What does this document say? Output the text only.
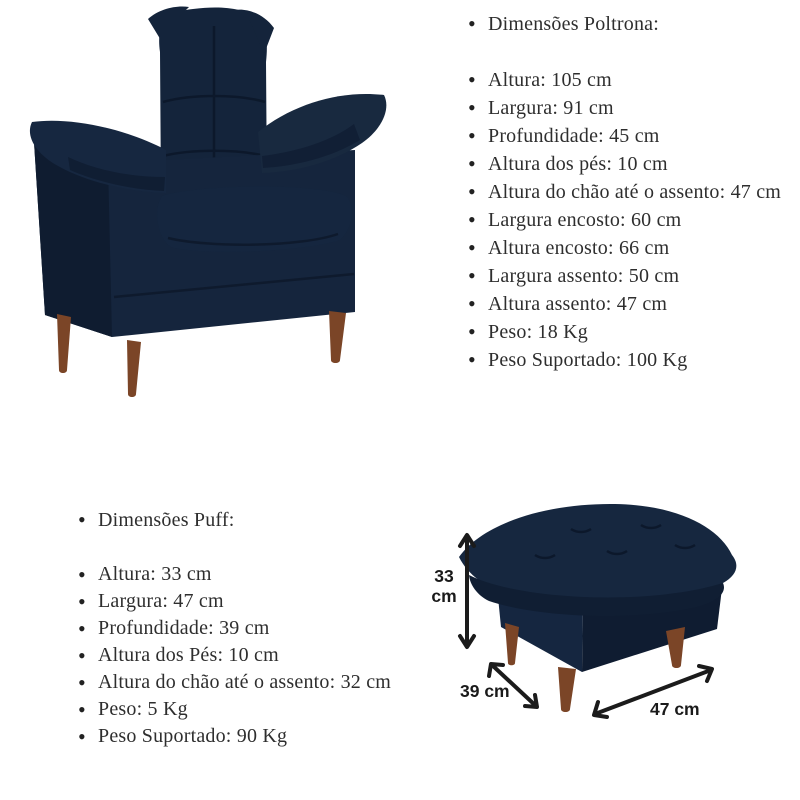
• Dimensões Poltrona:
• Altura: 105 cm
• Largura: 91 cm
• Profundidade: 45 cm
• Altura dos pés: 10 cm
• Altura do chão até o assento: 47 cm
• Largura encosto: 60 cm
• Altura encosto: 66 cm
• Largura assento: 50 cm
• Altura assento: 47 cm
• Peso: 18 Kg
• Peso Suportado: 100 Kg
• Dimensões Puff:
• Altura: 33 cm
• Largura: 47 cm
• Profundidade: 39 cm
• Altura dos Pés: 10 cm
• Altura do chão até o assento: 32 cm
• Peso: 5 Kg
• Peso Suportado: 90 Kg
33 cm
39 cm
47 cm
